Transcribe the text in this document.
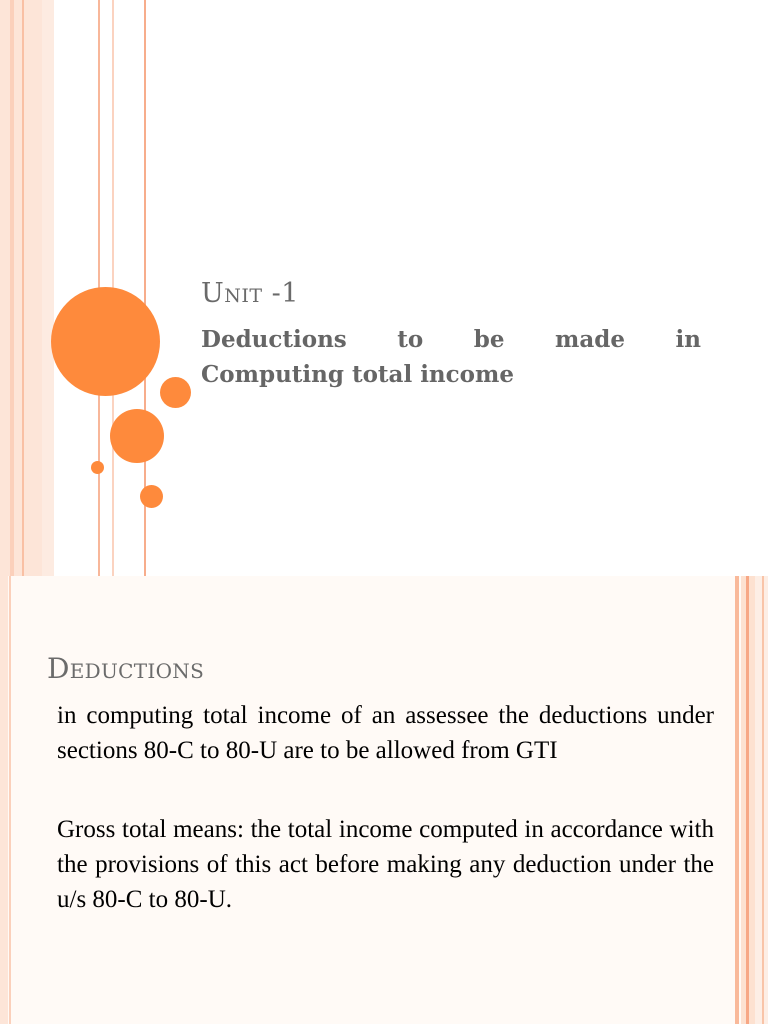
Unit -1

Deductions to be made in
Computing total income

Deductions

in computing total income of an assessee the deductions under sections 80-C to 80-U are to be allowed from GTI

Gross total means: the total income computed in accordance with the provisions of this act before making any deduction under the u/s 80-C to 80-U.
